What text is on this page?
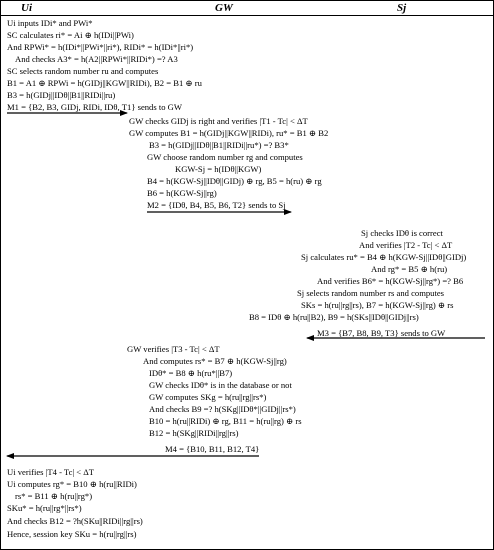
Ui	GW	Sj
Ui inputs IDi* and PWi*
SC calculates ri* = Ai ⊕ h(IDi||PWi)
And RPWi* = h(IDi*||PWi*||ri*), RIDi* = h(IDi*||ri*)
And checks A3* = h(A2||RPWi*||RIDi*) =? A3
SC selects random number ru and computes
B1 = A1 ⊕ RPWi = h(GIDj||KGW||RIDi), B2 = B1 ⊕ ru
B3 = h(GIDj||IDθ||B1||RIDi||ru)
M1 = {B2, B3, GIDj, RIDi, IDθ, T1} sends to GW
GW checks GIDj is right and verifies |T1 - Tc| < ΔT
GW computes B1 = h(GIDj||KGW||RIDi), ru* = B1 ⊕ B2
B3 = h(GIDj||IDθ||B1||RIDi||ru*) =? B3*
GW choose random number rg and computes
KGW-Sj = h(IDθ||KGW)
B4 = h(KGW-Sj||IDθ||GIDj) ⊕ rg, B5 = h(ru) ⊕ rg
B6 = h(KGW-Sj||rg)
M2 = {IDθ, B4, B5, B6, T2} sends to Sj
Sj checks IDθ is correct
And verifies |T2 - Tc| < ΔT
Sj calculates ru* = B4 ⊕ h(KGW-Sj||IDθ||GIDj)
And rg* = B5 ⊕ h(ru)
And verifies B6* = h(KGW-Sj||rg*) =? B6
Sj selects random number rs and computes
SKs = h(ru||rg||rs), B7 = h(KGW-Sj||rg) ⊕ rs
B8 = IDθ ⊕ h(ru||B2), B9 = h(SKs||IDθ||GIDj||rs)
M3 = {B7, B8, B9, T3} sends to GW
GW verifies |T3 - Tc| < ΔT
And computes rs* = B7 ⊕ h(KGW-Sj||rg)
IDθ* = B8 ⊕ h(ru*||B7)
GW checks IDθ* is in the database or not
GW computes SKg = h(ru||rg||rs*)
And checks B9 =? h(SKg||IDθ*||GIDj||rs*)
B10 = h(ru||RIDi) ⊕ rg, B11 = h(ru||rg) ⊕ rs
B12 = h(SKg||RIDi||rg||rs)
M4 = {B10, B11, B12, T4}
Ui verifies |T4 - Tc| < ΔT
Ui computes rg* = B10 ⊕ h(ru||RIDi)
rs* = B11 ⊕ h(ru||rg*)
SKu* = h(ru||rg*||rs*)
And checks B12 = ?h(SKu||RIDi||rg||rs)
Hence, session key SKu = h(ru||rg||rs)
